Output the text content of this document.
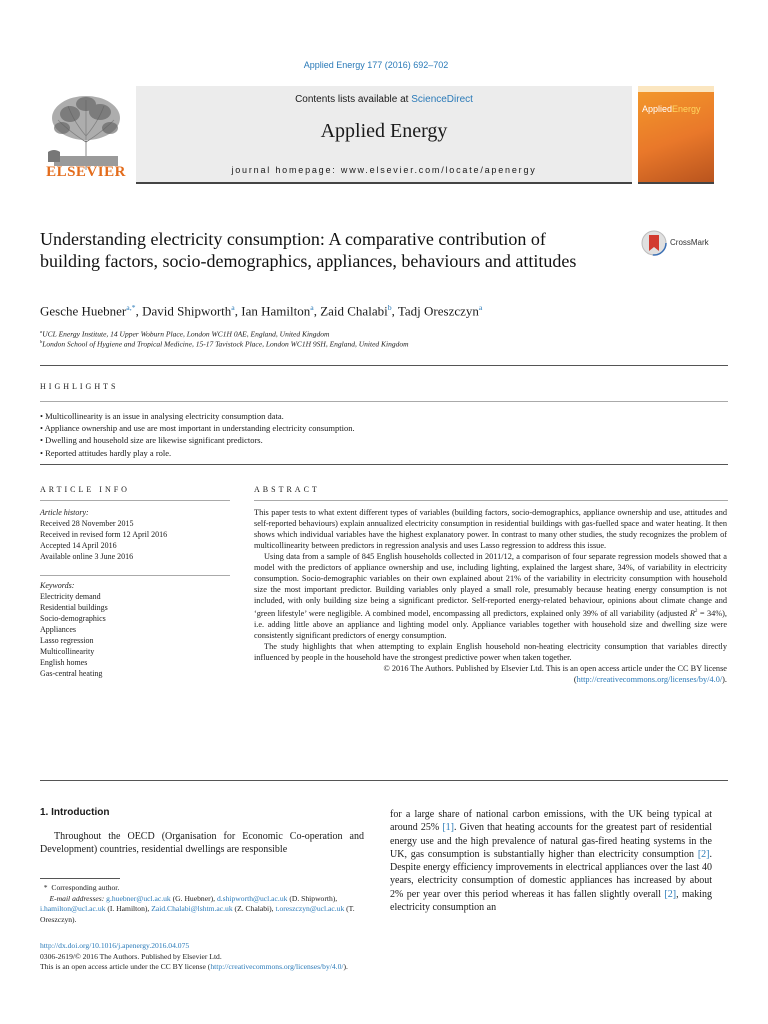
Applied Energy 177 (2016) 692–702
ELSEVIER
Contents lists available at ScienceDirect
Applied Energy
journal homepage: www.elsevier.com/locate/apenergy
AppliedEnergy
Understanding electricity consumption: A comparative contribution of building factors, socio-demographics, appliances, behaviours and attitudes
CrossMark
Gesche Huebner$^{a,*}$, David Shipworth$^a$, Ian Hamilton$^a$, Zaid Chalabi$^b$, Tadj Oreszczyn$^a$
$^a$UCL Energy Institute, 14 Upper Woburn Place, London WC1H 0AE, England, United Kingdom
$^b$London School of Hygiene and Tropical Medicine, 15-17 Tavistock Place, London WC1H 9SH, England, United Kingdom
HIGHLIGHTS
• Multicollinearity is an issue in analysing electricity consumption data.
• Appliance ownership and use are most important in understanding electricity consumption.
• Dwelling and household size are likewise significant predictors.
• Reported attitudes hardly play a role.
ARTICLE INFO	ABSTRACT
Article history:
Received 28 November 2015
Received in revised form 12 April 2016
Accepted 14 April 2016
Available online 3 June 2016
Keywords:
Electricity demand
Residential buildings
Socio-demographics
Appliances
Lasso regression
Multicollinearity
English homes
Gas-central heating

This paper tests to what extent different types of variables (building factors, socio-demographics, appliance ownership and use, attitudes and self-reported behaviours) explain annualized electricity consumption in residential buildings with gas-fuelled space and water heating. It then shows which individual variables have the highest explanatory power. In contrast to many other studies, the study recognizes the problem of multicollinearity between predictors in regression analysis and uses Lasso regression to address this issue.

Using data from a sample of 845 English households collected in 2011/12, a comparison of four separate regression models showed that a model with the predictors of appliance ownership and use, including lighting, explained the largest share, 34%, of variability in electricity consumption. Socio-demographic variables on their own explained about 21% of the variability in electricity consumption with household size the most important predictor. Building variables only played a small role, presumably because heating energy consumption is not included, with only building size being a significant predictor. Self-reported energy-related behaviour, opinions about climate change and ‘green lifestyle’ were negligible. A combined model, encompassing all predictors, explained only 39% of all variability (adjusted $R^2 = 34\%$), i.e. adding little above an appliance and lighting model only. Appliance variables together with household size and dwelling size were consistently significant predictors of energy consumption.

The study highlights that when attempting to explain English household non-heating electricity consumption that variables directly influenced by people in the household have the strongest predictive power when taken together.

© 2016 The Authors. Published by Elsevier Ltd. This is an open access article under the CC BY license (http://creativecommons.org/licenses/by/4.0/).

1. Introduction
Throughout the OECD (Organisation for Economic Co-operation and Development) countries, residential dwellings are responsible
for a large share of national carbon emissions, with the UK being typical at around 25% [1]. Given that heating accounts for the greatest part of residential energy use and the high prevalence of natural gas-fired heating systems in the UK, gas consumption is substantially higher than electricity consumption [2]. Despite energy efficiency improvements in electrical appliances over the last 40 years, electricity consumption of domestic appliances has increased by about 2% per year over this period whereas it has fallen slightly overall [2], making electricity consumption an
*  Corresponding author.
E-mail addresses: g.huebner@ucl.ac.uk (G. Huebner), d.shipworth@ucl.ac.uk (D. Shipworth), i.hamilton@ucl.ac.uk (I. Hamilton), Zaid.Chalabi@lshtm.ac.uk (Z. Chalabi), t.oreszczyn@ucl.ac.uk (T. Oreszczyn).
http://dx.doi.org/10.1016/j.apenergy.2016.04.075
0306-2619/© 2016 The Authors. Published by Elsevier Ltd.
This is an open access article under the CC BY license (http://creativecommons.org/licenses/by/4.0/).
